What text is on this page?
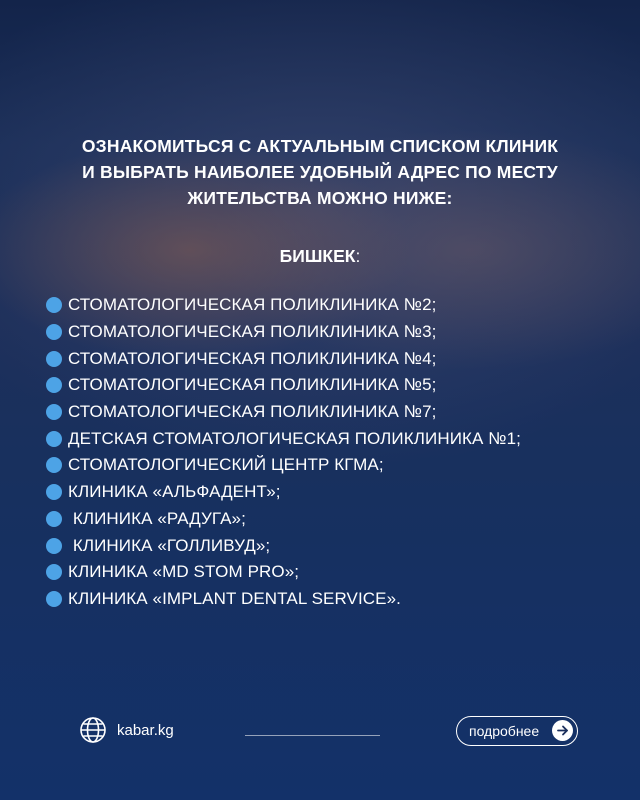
ОЗНАКОМИТЬСЯ С АКТУАЛЬНЫМ СПИСКОМ КЛИНИК
И ВЫБРАТЬ НАИБОЛЕЕ УДОБНЫЙ АДРЕС ПО МЕСТУ
ЖИТЕЛЬСТВА МОЖНО НИЖЕ:

БИШКЕК:
СТОМАТОЛОГИЧЕСКАЯ ПОЛИКЛИНИКА №2;
СТОМАТОЛОГИЧЕСКАЯ ПОЛИКЛИНИКА №3;
СТОМАТОЛОГИЧЕСКАЯ ПОЛИКЛИНИКА №4;
СТОМАТОЛОГИЧЕСКАЯ ПОЛИКЛИНИКА №5;
СТОМАТОЛОГИЧЕСКАЯ ПОЛИКЛИНИКА №7;
ДЕТСКАЯ СТОМАТОЛОГИЧЕСКАЯ ПОЛИКЛИНИКА №1;
СТОМАТОЛОГИЧЕСКИЙ ЦЕНТР КГМА;
КЛИНИКА «АЛЬФАДЕНТ»;
КЛИНИКА «РАДУГА»;
КЛИНИКА «ГОЛЛИВУД»;
КЛИНИКА «MD STOM PRO»;
КЛИНИКА «IMPLANT DENTAL SERVICE».
kabar.kg	подробнее
